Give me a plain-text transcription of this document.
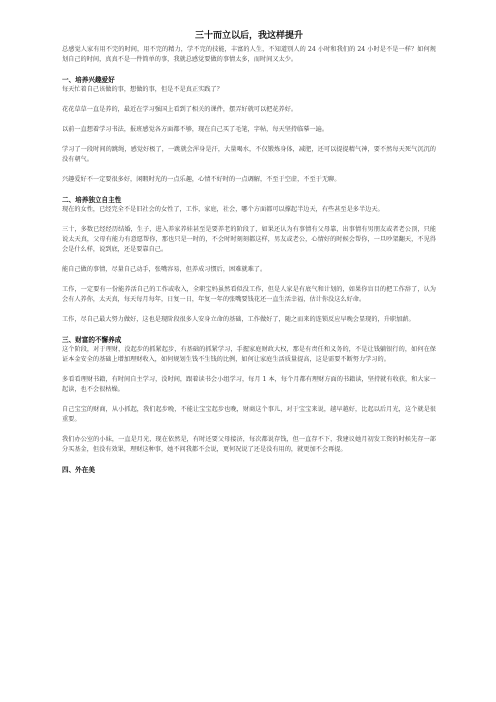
三十而立以后，我这样提升

总感觉人家有用不完的时间，用不完的精力，学不完的技能，丰富的人生，不知道别人的 24 小时和我们的 24 小时是不是一样？如何规划自己的时间，真真不是一件简单的事，我就总感觉要做的事情太多，而时间又太少。

一、培养兴趣爱好

每天忙着自己该做的事，想做的事，但是不是真正实践了？

花花草草一直是养的，最近在学习强国上看到了相关的课件，摆弄好就可以把花养好。

以前一直想着学习书法，报班感觉各方面都不够，现在自己买了毛笔，字帖，每天坚持临摹一遍。

学习了一段时间的跳绳，感觉好极了，一跳就会浑身是汗，大量喝水，不仅锻炼身体，减肥，还可以提提精气神，要不然每天死气沉沉的没有朝气。

兴趣爱好不一定要很多好，闲暇时光的一点乐趣，心情不好时的一点调解，不至于空虚，不至于无聊。

二、培养独立自主性

现在的女性，已经完全不是旧社会的女性了，工作，家庭，社会，哪个方面都可以撑起半边天，有些甚至是多半边天。

三十，多数已经经历结婚，生子，进入养家养娃甚至是要养老的阶段了，如果还认为有事情有父母靠，出事情有男朋友或者老公顶，只能说太天真，父母有能力有意愿帮你，那也只是一时的，不会时时刻刻都这样，男友或老公，心情好的时候会帮你，一旦吵架翻天，不见得会是什么样，说到底，还是要靠自己。

能自己做的事情，尽量自己动手，张嘴容易，但养成习惯后，困难就难了。

工作，一定要有一份能养活自己的工作或收入，全职宝妈虽然看似没工作，但是人家是有底气和计划的，如果你盲目的把工作辞了，认为会有人养你，太天真，每天每月每年，日复一日，年复一年的张嘴要钱花还一直生活幸福，估计你没这么好命。

工作，尽自己最大努力做好，这也是现阶段很多人安身立命的基础，工作做好了，随之而来的连锁反应早晚会显现的，升职加薪。

三、财富的不懈养成

这个阶段，对于理财，没起步的抓紧起步，有基础的抓紧学习，手握家庭财政大权，那是有责任和义务的，不是让钱躺银行的，如何在保证本金安全的基础上增加理财收入，如何规划生钱不生钱的比例，如何让家庭生活质量提高，这是需要不断努力学习的。

多看看理财书籍，有时间自主学习，没时间，跟着读书会小组学习，每月 1 本，每个月都有理财方面的书籍读，坚持就有收获，和大家一起读，也不会很枯燥。

自己宝宝的财商，从小抓起，我们起步晚，不能让宝宝起步也晚，财商这个事儿，对于宝宝来说，越早越好，比起以后月光，这个就是很重要。

我们办公室的小妹，一直是月光，现在依然是，有时还要父母接济，每次都说存钱，但一直存不下，我建议她月初发工资的时候先存一部分买基金，但没有效果，理财这种事，她不问我都不会说，更何况说了还是没有用的，就更加不会再提。

四、外在美
